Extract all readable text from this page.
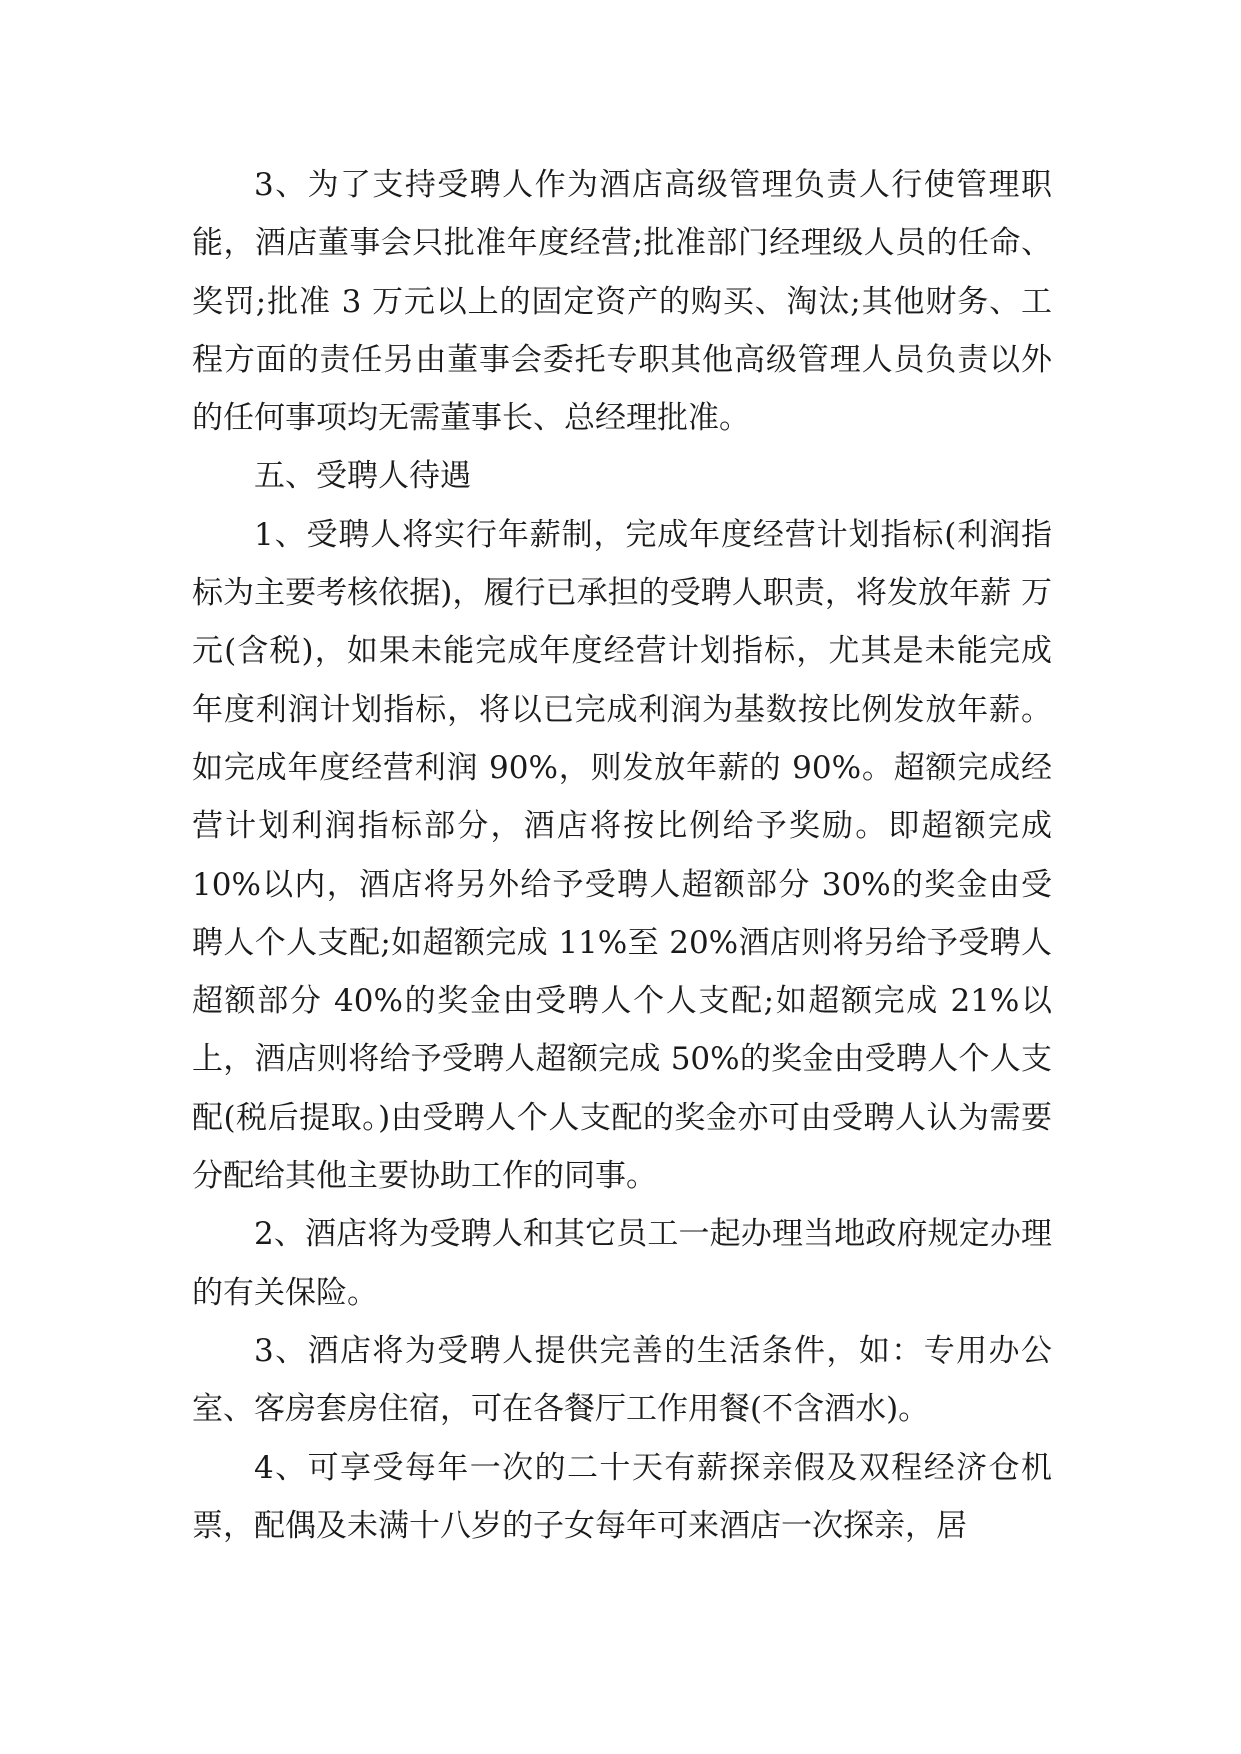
3、为了支持受聘人作为酒店高级管理负责人行使管理职能，酒店董事会只批准年度经营;批准部门经理级人员的任命、奖罚;批准 3 万元以上的固定资产的购买、淘汰;其他财务、工程方面的责任另由董事会委托专职其他高级管理人员负责以外的任何事项均无需董事长、总经理批准。

五、受聘人待遇

1、受聘人将实行年薪制，完成年度经营计划指标(利润指标为主要考核依据)，履行已承担的受聘人职责，将发放年薪 万元(含税)，如果未能完成年度经营计划指标，尤其是未能完成年度利润计划指标，将以已完成利润为基数按比例发放年薪。如完成年度经营利润 90%，则发放年薪的 90%。超额完成经营计划利润指标部分，酒店将按比例给予奖励。即超额完成 10%以内，酒店将另外给予受聘人超额部分 30%的奖金由受聘人个人支配;如超额完成 11%至 20%酒店则将另给予受聘人超额部分 40%的奖金由受聘人个人支配;如超额完成 21%以上，酒店则将给予受聘人超额完成 50%的奖金由受聘人个人支配(税后提取。)由受聘人个人支配的奖金亦可由受聘人认为需要分配给其他主要协助工作的同事。

2、酒店将为受聘人和其它员工一起办理当地政府规定办理的有关保险。

3、酒店将为受聘人提供完善的生活条件，如：专用办公室、客房套房住宿，可在各餐厅工作用餐(不含酒水)。

4、可享受每年一次的二十天有薪探亲假及双程经济仓机票，配偶及未满十八岁的子女每年可来酒店一次探亲，居
